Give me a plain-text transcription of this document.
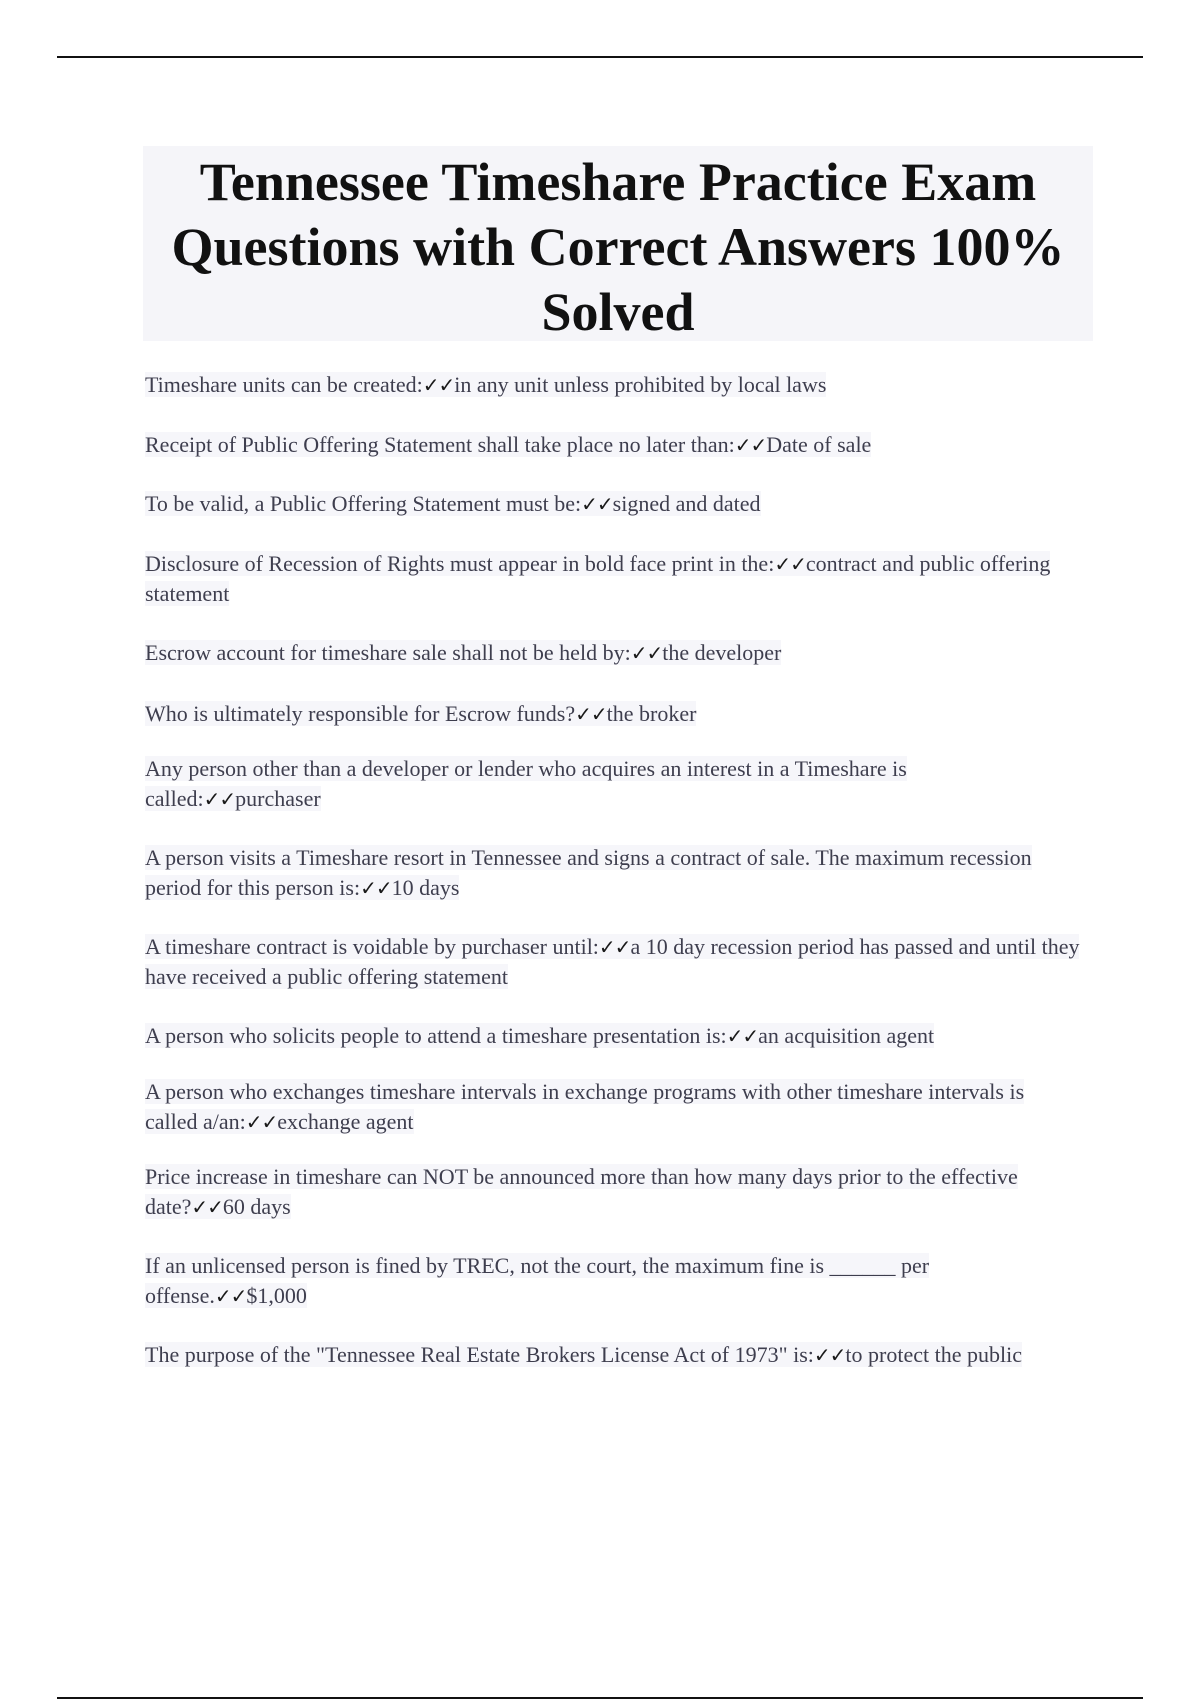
Tennessee Timeshare Practice Exam Questions with Correct Answers 100% Solved

Timeshare units can be created:✓✓in any unit unless prohibited by local laws

Receipt of Public Offering Statement shall take place no later than:✓✓Date of sale

To be valid, a Public Offering Statement must be:✓✓signed and dated

Disclosure of Recession of Rights must appear in bold face print in the:✓✓contract and public offering statement

Escrow account for timeshare sale shall not be held by:✓✓the developer

Who is ultimately responsible for Escrow funds?✓✓the broker

Any person other than a developer or lender who acquires an interest in a Timeshare is called:✓✓purchaser

A person visits a Timeshare resort in Tennessee and signs a contract of sale. The maximum recession period for this person is:✓✓10 days

A timeshare contract is voidable by purchaser until:✓✓a 10 day recession period has passed and until they have received a public offering statement

A person who solicits people to attend a timeshare presentation is:✓✓an acquisition agent

A person who exchanges timeshare intervals in exchange programs with other timeshare intervals is called a/an:✓✓exchange agent

Price increase in timeshare can NOT be announced more than how many days prior to the effective date?✓✓60 days

If an unlicensed person is fined by TREC, not the court, the maximum fine is ______ per offense.✓✓$1,000

The purpose of the "Tennessee Real Estate Brokers License Act of 1973" is:✓✓to protect the public
